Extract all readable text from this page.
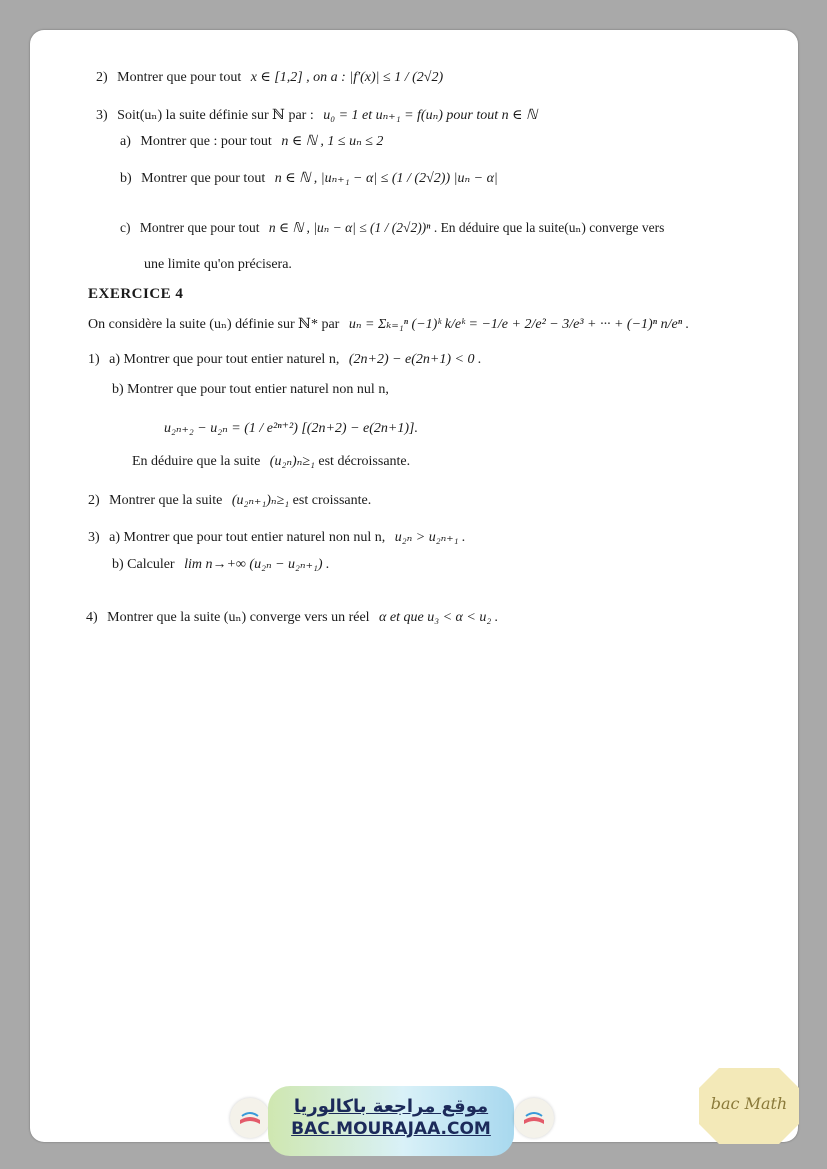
2) Montrer que pour tout x ∈ [1,2] , on a : |f′(x)| ≤ 1 / (2√2)
3) Soit(uₙ) la suite définie sur ℕ par : u₀ = 1 et uₙ₊₁ = f(uₙ) pour tout n ∈ ℕ
a) Montrer que : pour tout n ∈ ℕ , 1 ≤ uₙ ≤ 2
b) Montrer que pour tout n ∈ ℕ , |uₙ₊₁ − α| ≤ (1 / (2√2)) |uₙ − α|
c) Montrer que pour tout n ∈ ℕ , |uₙ − α| ≤ (1 / (2√2))ⁿ . En déduire que la suite(uₙ) converge vers
une limite qu'on précisera.
EXERCICE 4
On considère la suite (uₙ) définie sur ℕ* par uₙ = Σₖ₌₁ⁿ (−1)ᵏ k/eᵏ = −1/e + 2/e² − 3/e³ + ··· + (−1)ⁿ n/eⁿ .
1) a) Montrer que pour tout entier naturel n, (2n+2) − e(2n+1) < 0 .
b) Montrer que pour tout entier naturel non nul n,
u₂ₙ₊₂ − u₂ₙ = (1 / e²ⁿ⁺²) [(2n+2) − e(2n+1)].
En déduire que la suite (u₂ₙ)ₙ≥₁ est décroissante.
2) Montrer que la suite (u₂ₙ₊₁)ₙ≥₁ est croissante.
3) a) Montrer que pour tout entier naturel non nul n, u₂ₙ > u₂ₙ₊₁ .
b) Calculer lim n→+∞ (u₂ₙ − u₂ₙ₊₁) .
4) Montrer que la suite (uₙ) converge vers un réel α et que u₃ < α < u₂ .
موقع مراجعة باكالوريا
BAC.MOURAJAA.COM
bac Math
